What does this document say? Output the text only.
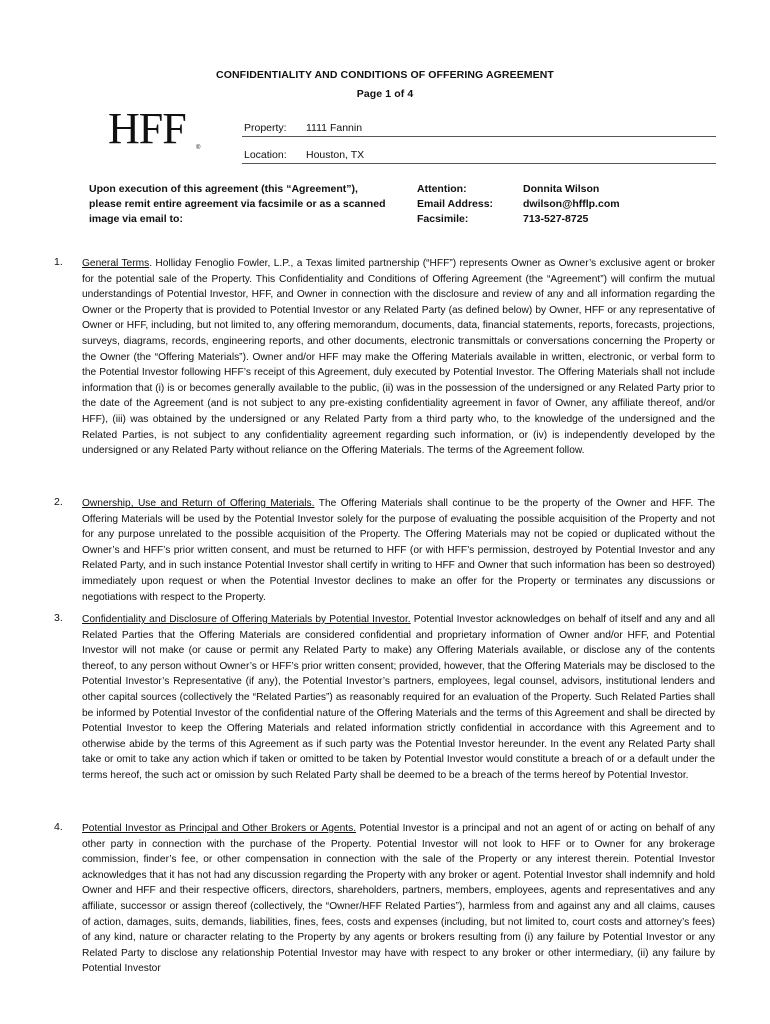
CONFIDENTIALITY AND CONDITIONS OF OFFERING AGREEMENT
Page 1 of 4
HFF ®
Property: 1111 Fannin
Location: Houston, TX
Upon execution of this agreement (this “Agreement”), please remit entire agreement via facsimile or as a scanned image via email to:
Attention:
Email Address:
Facsimile:
Donnita Wilson
dwilson@hfflp.com
713-527-8725
1. General Terms. Holliday Fenoglio Fowler, L.P., a Texas limited partnership (“HFF”) represents Owner as Owner’s exclusive agent or broker for the potential sale of the Property. This Confidentiality and Conditions of Offering Agreement (the “Agreement”) will confirm the mutual understandings of Potential Investor, HFF, and Owner in connection with the disclosure and review of any and all information regarding the Owner or the Property that is provided to Potential Investor or any Related Party (as defined below) by Owner, HFF or any representative of Owner or HFF, including, but not limited to, any offering memorandum, documents, data, financial statements, reports, forecasts, projections, surveys, diagrams, records, engineering reports, and other documents, electronic transmittals or conversations concerning the Property or the Owner (the “Offering Materials”). Owner and/or HFF may make the Offering Materials available in written, electronic, or verbal form to the Potential Investor following HFF’s receipt of this Agreement, duly executed by Potential Investor. The Offering Materials shall not include information that (i) is or becomes generally available to the public, (ii) was in the possession of the undersigned or any Related Party prior to the date of the Agreement (and is not subject to any pre-existing confidentiality agreement in favor of Owner, any affiliate thereof, and/or HFF), (iii) was obtained by the undersigned or any Related Party from a third party who, to the knowledge of the undersigned and the Related Parties, is not subject to any confidentiality agreement regarding such information, or (iv) is independently developed by the undersigned or any Related Party without reliance on the Offering Materials. The terms of the Agreement follow.
2. Ownership, Use and Return of Offering Materials. The Offering Materials shall continue to be the property of the Owner and HFF. The Offering Materials will be used by the Potential Investor solely for the purpose of evaluating the possible acquisition of the Property and not for any purpose unrelated to the possible acquisition of the Property. The Offering Materials may not be copied or duplicated without the Owner’s and HFF’s prior written consent, and must be returned to HFF (or with HFF’s permission, destroyed by Potential Investor and any Related Party, and in such instance Potential Investor shall certify in writing to HFF and Owner that such information has been so destroyed) immediately upon request or when the Potential Investor declines to make an offer for the Property or terminates any discussions or negotiations with respect to the Property.
3. Confidentiality and Disclosure of Offering Materials by Potential Investor. Potential Investor acknowledges on behalf of itself and any and all Related Parties that the Offering Materials are considered confidential and proprietary information of Owner and/or HFF, and Potential Investor will not make (or cause or permit any Related Party to make) any Offering Materials available, or disclose any of the contents thereof, to any person without Owner’s or HFF’s prior written consent; provided, however, that the Offering Materials may be disclosed to the Potential Investor’s Representative (if any), the Potential Investor’s partners, employees, legal counsel, advisors, institutional lenders and other capital sources (collectively the “Related Parties”) as reasonably required for an evaluation of the Property. Such Related Parties shall be informed by Potential Investor of the confidential nature of the Offering Materials and the terms of this Agreement and shall be directed by Potential Investor to keep the Offering Materials and related information strictly confidential in accordance with this Agreement and to otherwise abide by the terms of this Agreement as if such party was the Potential Investor hereunder. In the event any Related Party shall take or omit to take any action which if taken or omitted to be taken by Potential Investor would constitute a breach of or a default under the terms hereof, the such act or omission by such Related Party shall be deemed to be a breach of the terms hereof by Potential Investor.
4. Potential Investor as Principal and Other Brokers or Agents. Potential Investor is a principal and not an agent of or acting on behalf of any other party in connection with the purchase of the Property. Potential Investor will not look to HFF or to Owner for any brokerage commission, finder’s fee, or other compensation in connection with the sale of the Property or any interest therein. Potential Investor acknowledges that it has not had any discussion regarding the Property with any broker or agent. Potential Investor shall indemnify and hold Owner and HFF and their respective officers, directors, shareholders, partners, members, employees, agents and representatives and any affiliate, successor or assign thereof (collectively, the “Owner/HFF Related Parties”), harmless from and against any and all claims, causes of action, damages, suits, demands, liabilities, fines, fees, costs and expenses (including, but not limited to, court costs and attorney’s fees) of any kind, nature or character relating to the Property by any agents or brokers resulting from (i) any failure by Potential Investor or any Related Party to disclose any relationship Potential Investor may have with respect to any broker or other intermediary, (ii) any failure by Potential Investor
